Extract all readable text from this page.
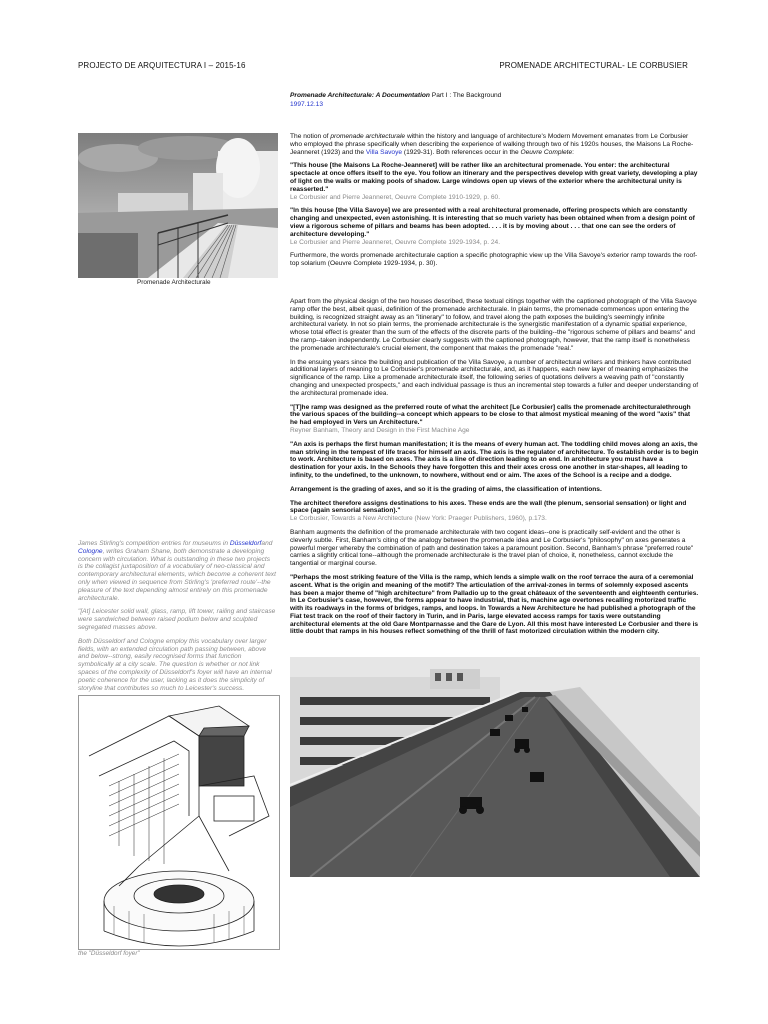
PROJECTO DE ARQUITECTURA I – 2015-16	PROMENADE ARCHITECTURAL- LE CORBUSIER
Promenade Architecturale: A Documentation Part I : The Background
1997.12.13
Promenade Architecturale

The notion of promenade architecturale within the history and language of architecture's Modern Movement emanates from Le Corbusier who employed the phrase specifically when describing the experience of walking through two of his 1920s houses, the Maisons La Roche-Jeanneret (1923) and the Villa Savoye (1929-31). Both references occur in the Oeuvre Complete:

"This house [the Maisons La Roche-Jeanneret] will be rather like an architectural promenade. You enter: the architectural spectacle at once offers itself to the eye. You follow an itinerary and the perspectives develop with great variety, developing a play of light on the walls or making pools of shadow. Large windows open up views of the exterior where the architectural unity is reasserted."
Le Corbusier and Pierre Jeanneret, Oeuvre Complete 1910-1929, p. 60.

"In this house [the Villa Savoye] we are presented with a real architectural promenade, offering prospects which are constantly changing and unexpected, even astonishing. It is interesting that so much variety has been obtained when from a design point of view a rigorous scheme of pillars and beams has been adopted. . . . it is by moving about . . . that one can see the orders of architecture developing."
Le Corbusier and Pierre Jeanneret, Oeuvre Complete 1929-1934, p. 24.

Furthermore, the words promenade architecturale caption a specific photographic view up the Villa Savoye's exterior ramp towards the roof-top solarium (Oeuvre Complete 1929-1934, p. 30).

Apart from the physical design of the two houses described, these textual citings together with the captioned photograph of the Villa Savoye ramp offer the best, albeit quasi, definition of the promenade architecturale. In plain terms, the promenade commences upon entering the building, is recognized straight away as an "itinerary" to follow, and travel along the path exposes the building's seemingly infinite architectural variety. In not so plain terms, the promenade architecturale is the synergistic manifestation of a dynamic spatial experience, whose total effect is greater than the sum of the effects of the discrete parts of the building--the "rigorous scheme of pillars and beams" and the ramp--taken independently. Le Corbusier clearly suggests with the captioned photograph, however, that the ramp itself is nonetheless the promenade architecturale's crucial element, the component that makes the promenade "real."

In the ensuing years since the building and publication of the Villa Savoye, a number of architectural writers and thinkers have contributed additional layers of meaning to Le Corbusier's promenade architecturale, and, as it happens, each new layer of meaning emphasizes the significance of the ramp. Like a promenade architecturale itself, the following series of quotations delivers a weaving path of "constantly changing and unexpected prospects," and each individual passage is thus an incremental step towards a fuller and deeper understanding of the architectural promenade idea.

"[T]he ramp was designed as the preferred route of what the architect [Le Corbusier] calls the promenade architecturalethrough the various spaces of the building--a concept which appears to be close to that almost mystical meaning of the word "axis" that he had employed in Vers un Architecture."
Reyner Banham, Theory and Design in the First Machine Age

"An axis is perhaps the first human manifestation; it is the means of every human act. The toddling child moves along an axis, the man striving in the tempest of life traces for himself an axis. The axis is the regulator of architecture. To establish order is to begin to work. Architecture is based on axes. The axis is a line of direction leading to an end. In architecture you must have a destination for your axis. In the Schools they have forgotten this and their axes cross one another in star-shapes, all leading to infinity, to the undefined, to the unknown, to nowhere, without end or aim. The axes of the School is a recipe and a dodge.

Arrangement is the grading of axes, and so it is the grading of aims, the classification of intentions.

The architect therefore assigns destinations to his axes. These ends are the wall (the plenum, sensorial sensation) or light and space (again sensorial sensation)."
Le Corbusier, Towards a New Architecture (New York: Praeger Publishers, 1960), p.173.

Banham augments the definition of the promenade architecturale with two cogent ideas--one is practically self-evident and the other is cleverly subtle. First, Banham's citing of the analogy between the promenade idea and Le Corbusier's "philosophy" on axes generates a powerful merger whereby the combination of path and destination takes a paramount position. Second, Banham's phrase "preferred route" carries a slightly critical tone--although the promenade architecturale is the travel plan of choice, it, nonetheless, cannot exclude the tangential or marginal course.

"Perhaps the most striking feature of the Villa is the ramp, which lends a simple walk on the roof terrace the aura of a ceremonial ascent. What is the origin and meaning of the motif? The articulation of the arrival-zones in terms of solemnly exposed ascents has been a major theme of "high architecture" from Palladio up to the great châteaux of the seventeenth and eighteenth centuries. In Le Corbusier's case, however, the forms appear to have industrial, that is, machine age overtones recalling motorized traffic with its roadways in the forms of bridges, ramps, and loops. In Towards a New Architecture he had published a photograph of the Fiat test track on the roof of their factory in Turin, and in Paris, large elevated access ramps for taxis were outstanding architectural elements at the old Gare Montparnasse and the Gare de Lyon. All this most have interested Le Corbusier and there is little doubt that ramps in his houses reflect something of the thrill of fast motorized circulation within the modern city.

James Stirling's competition entries for museums in Düsseldorfand Cologne, writes Graham Shane, both demonstrate a developing concern with circulation. What is outstanding in these two projects is the collagist juxtaposition of a vocabulary of neo-classical and contemporary architectural elements, which become a coherent text only when viewed in sequence from Stirling's 'preferred route'--the pleasure of the text depending almost entirely on this promenade architecturale.

"[At] Leicester solid wall, glass, ramp, lift tower, railing and staircase were sandwiched between raised podium below and sculpted segregated masses above.

Both Düsseldorf and Cologne employ this vocabulary over larger fields, with an extended circulation path passing between, above and below--strong, easily recognised forms that function symbolically at a city scale. The question is whether or not link spaces of the complexity of Düsseldorf's foyer will have an internal poetic coherence for the user, lacking as it does the simplicity of storyline that contributes so much to Leicester's success.

the "Düsseldorf foyer"
